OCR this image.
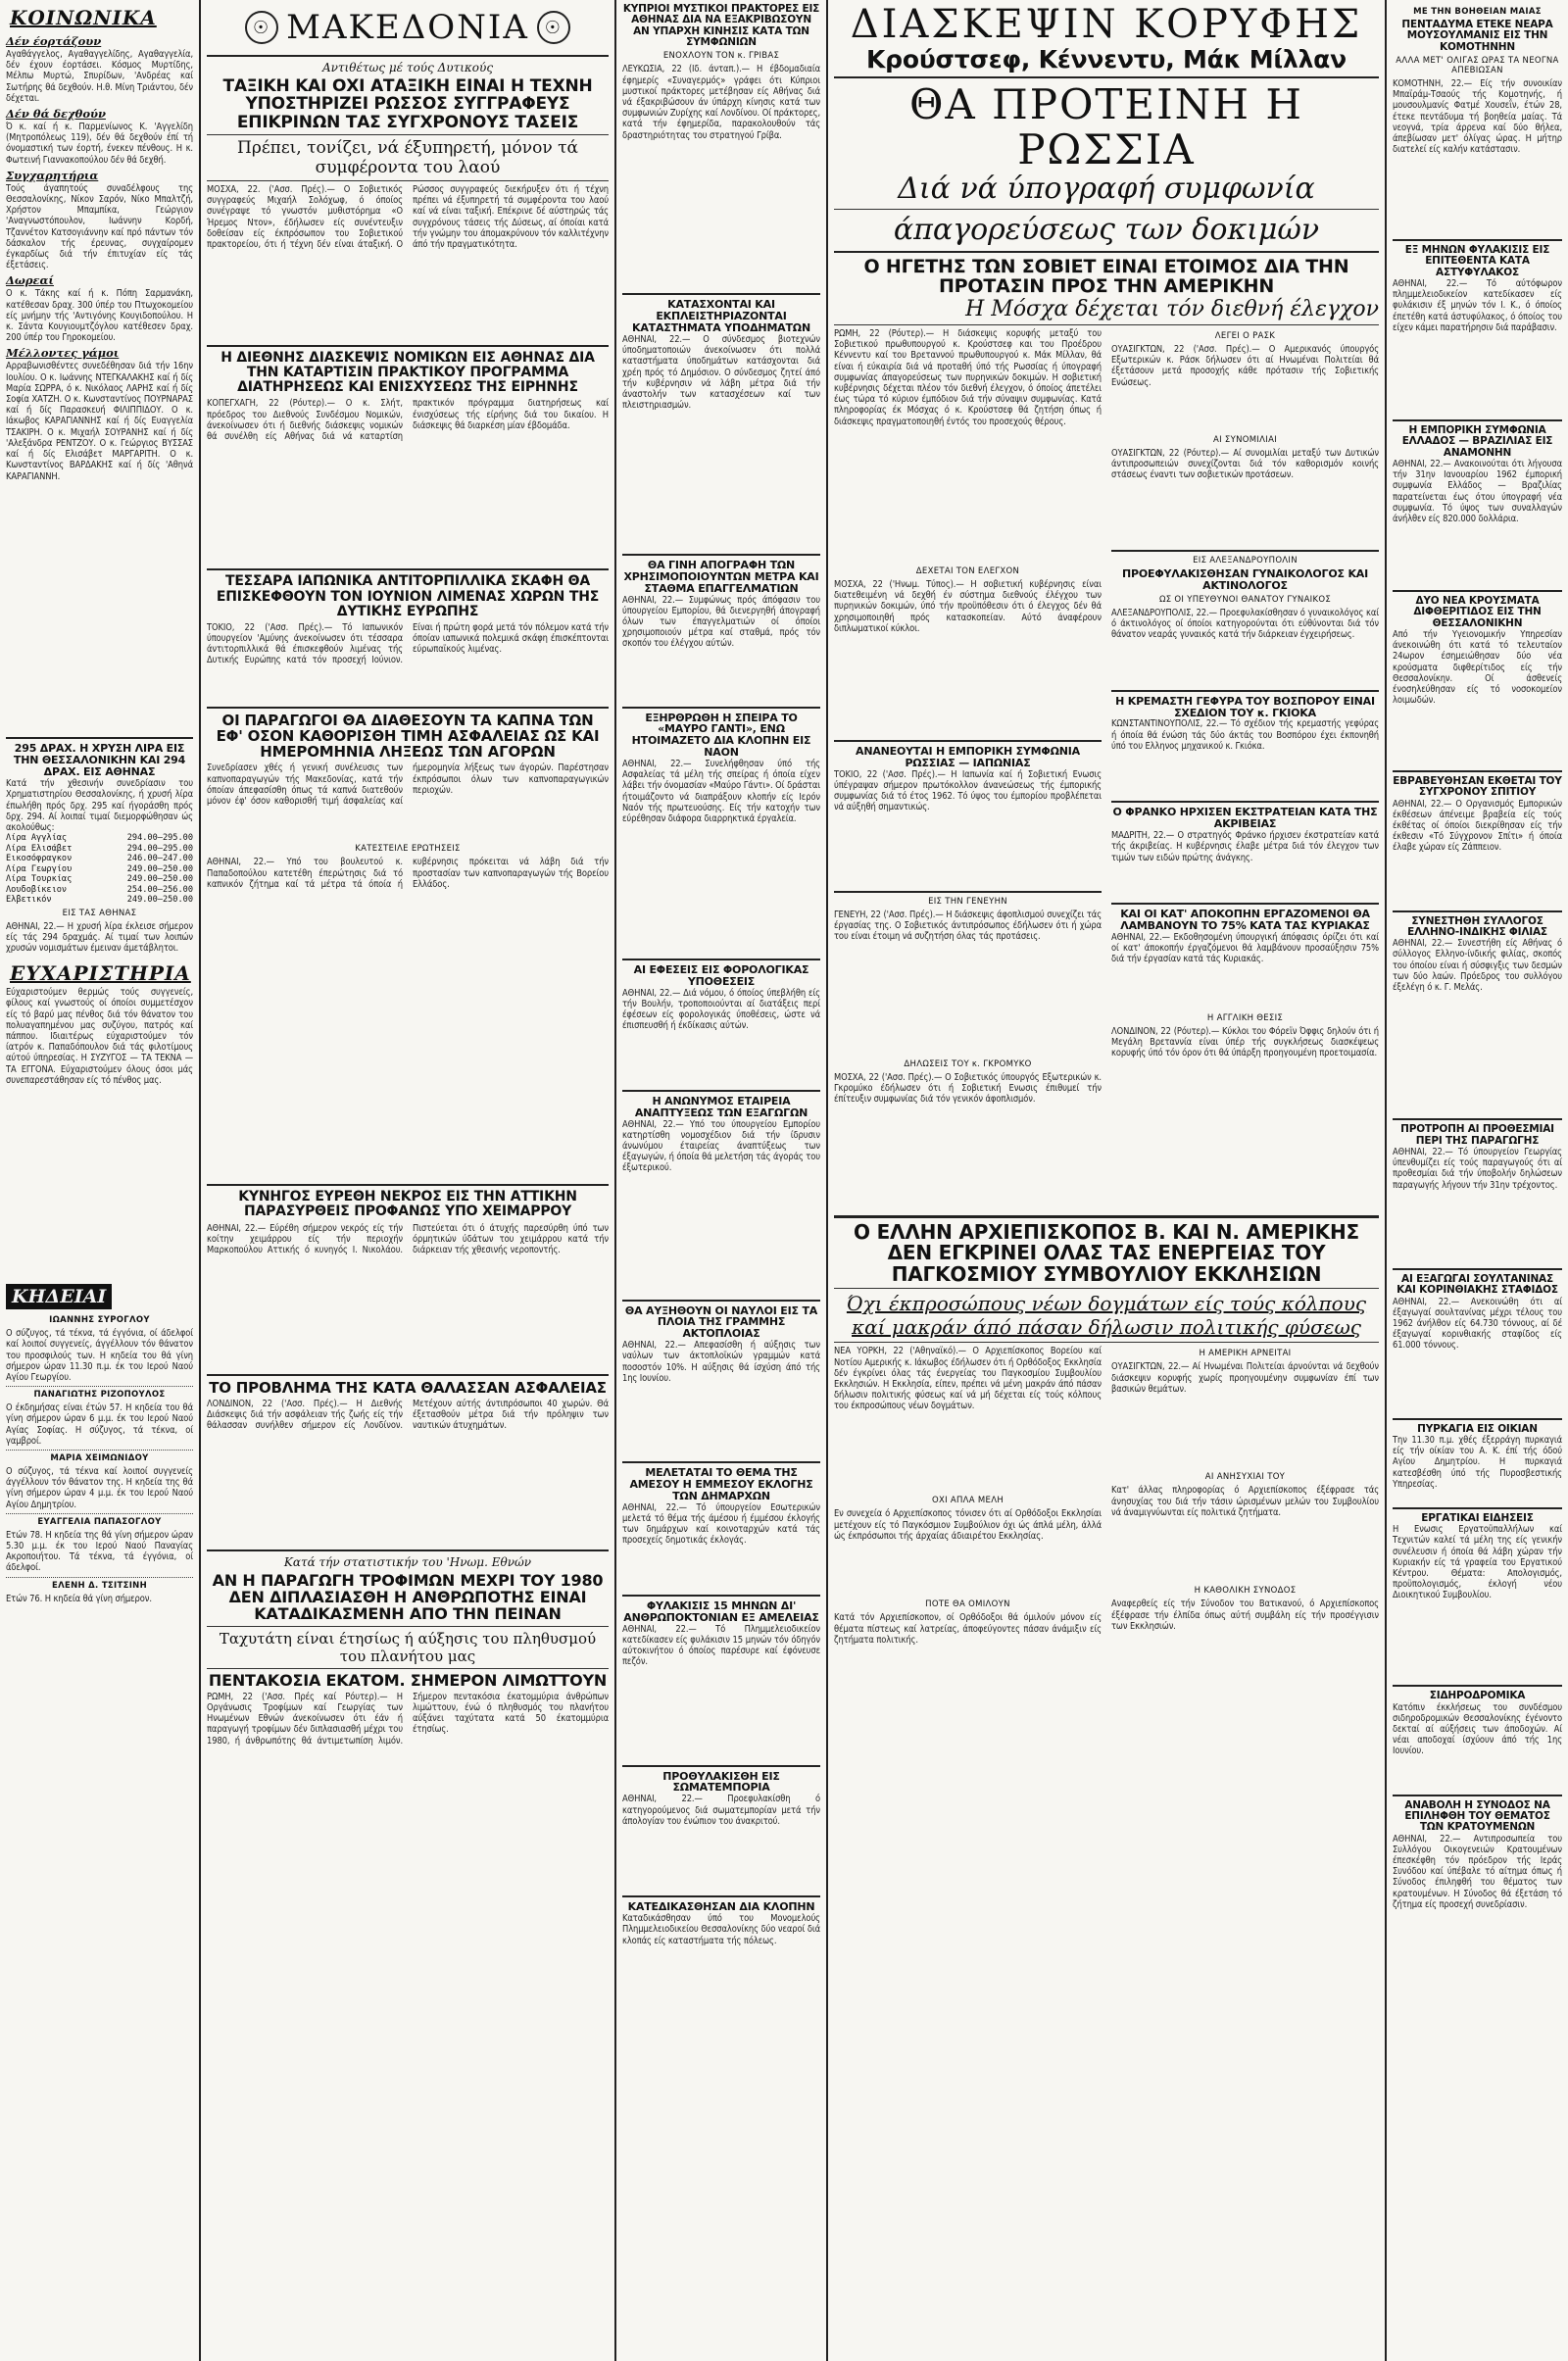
ΚΟΙΝΩΝΙΚΑ
Δέν έορτάζουν
Αγαθάγγελος, Αγαθαγγελίδης, Αγαθαγγελία, δέν έχουν έορτάσει. Κόσμος Μυρτίδης, Μέλπω Μυρτώ, Σπυρίδων, 'Ανδρέας καί Σωτήρης θά δεχθούν. Η.θ. Μίνη Τριάντου, δέν δέχεται.
Δέν θά δεχθούν
Ό κ. καί ή κ. Παρμενίωνος Κ. 'Αγγελίδη (Μητροπόλεως 119), δέν θά δεχθούν έπί τή όνομαστική των έορτή, ένεκεν πένθους. Η κ. Φωτεινή Γιαννακοπούλου δέν θά δεχθή.
Συγχαρητήρια
Τούς άγαπητούς συναδέλφους της Θεσσαλονίκης, Νίκον Σαρόν, Νίκο Μπαλτζή, Χρήστον Μπαμπίκα, Γεώργιον 'Αναγνωστόπουλον, Ιωάννην Κορδή, Τζαννέτον Κατσογιάννην καί πρό πάντων τόν δάσκαλον τής έρευνας, συγχαίρομεν έγκαρδίως διά τήν έπιτυχίαν είς τάς έξετάσεις.
Δωρεαί
Ο κ. Τάκης καί ή κ. Πόπη Σαρμανάκη, κατέθεσαν δραχ. 300 ύπέρ του Πτωχοκομείου είς μνήμην τής 'Αντιγόνης Κουγιδοπούλου. Η κ. Σάντα Κουγιουμτζόγλου κατέθεσεν δραχ. 200 ύπέρ του Γηροκομείου.
Μέλλοντες γάμοι
Αρραβωνισθέντες συνεδέθησαν διά τήν 16ην Ιουλίου. Ο κ. Ιωάννης ΝΤΕΓΚΑΛΑΚΗΣ καί ή δίς Μαρία ΣΩΡΡΑ, ό κ. Νικόλαος ΛΑΡΗΣ καί ή δίς Σοφία ΧΑΤΖΗ. Ο κ. Κωνσταντίνος ΠΟΥΡΝΑΡΑΣ καί ή δίς Παρασκευή ΦΙΛΙΠΠΙΔΟΥ. Ο κ. Ιάκωβος ΚΑΡΑΓΙΑΝΝΗΣ καί ή δίς Ευαγγελία ΤΣΑΚΙΡΗ. Ο κ. Μιχαήλ ΣΟΥΡΑΝΗΣ καί ή δίς 'Αλεξάνδρα ΡΕΝΤΖΟΥ. Ο κ. Γεώργιος ΒΥΣΣΑΣ καί ή δίς Ελισάβετ ΜΑΡΓΑΡΙΤΗ. Ο κ. Κωνσταντίνος ΒΑΡΔΑΚΗΣ καί ή δίς 'Αθηνά ΚΑΡΑΓΙΑΝΝΗ.
295 ΔΡΑΧ. Η ΧΡΥΣΗ ΛΙΡΑ ΕΙΣ ΤΗΝ ΘΕΣΣΑΛΟΝΙΚΗΝ ΚΑΙ 294 ΔΡΑΧ. ΕΙΣ ΑΘΗΝΑΣ
Κατά τήν χθεσινήν συνεδρίασιν του Χρηματιστηρίου Θεσσαλονίκης, ή χρυσή λίρα έπωλήθη πρός δρχ. 295 καί ήγοράσθη πρός δρχ. 294. Αί λοιπαί τιμαί διεμορφώθησαν ώς ακολούθως:
Λίρα Αγγλίας	294.00—295.00
Λίρα Ελισάβετ	294.00—295.00
Εικοσόφραγκον	246.00—247.00
Λίρα Γεωργίου	249.00—250.00
Λίρα Τουρκίας	249.00—250.00
Λουδοβίκειον	254.00—256.00
Ελβετικόν	249.00—250.00
ΕΙΣ ΤΑΣ ΑΘΗΝΑΣ
ΑΘΗΝΑΙ, 22.— Η χρυσή λίρα έκλεισε σήμερον είς τάς 294 δραχμάς. Αί τιμαί των λοιπών χρυσών νομισμάτων έμειναν άμετάβλητοι.
ΕΥΧΑΡΙΣΤΗΡΙΑ
Εύχαριστούμεν θερμώς τούς συγγενείς, φίλους καί γνωστούς οί όποίοι συμμετέσχον είς τό βαρύ μας πένθος διά τόν θάνατον του πολυαγαπημένου μας συζύγου, πατρός καί πάππου. Ιδιαιτέρως εύχαριστούμεν τόν ίατρόν κ. Παπαδόπουλον διά τάς φιλοτίμους αύτού ύπηρεσίας. Η ΣΥΖΥΓΟΣ — ΤΑ ΤΕΚΝΑ — ΤΑ ΕΓΓΟΝΑ. Εύχαριστούμεν όλους όσοι μάς συνεπαρεστάθησαν είς τό πένθος μας.
ΚΗΔΕΙΑΙ
ΙΩΑΝΝΗΣ ΣΥΡΟΓΛΟΥ
Ο σύζυγος, τά τέκνα, τά έγγόνια, οί άδελφοί καί λοιποί συγγενείς, άγγέλλουν τόν θάνατον του προσφιλούς των. Η κηδεία του θά γίνη σήμερον ώραν 11.30 π.μ. έκ του Ιερού Ναού Αγίου Γεωργίου.
ΠΑΝΑΓΙΩΤΗΣ ΡΙΖΟΠΟΥΛΟΣ
Ο έκδημήσας είναι έτών 57. Η κηδεία του θά γίνη σήμερον ώραν 6 μ.μ. έκ του Ιερού Ναού Αγίας Σοφίας. Η σύζυγος, τά τέκνα, οί γαμβροί.
ΜΑΡΙΑ ΧΕΙΜΩΝΙΔΟΥ
Ο σύζυγος, τά τέκνα καί λοιποί συγγενείς άγγέλλουν τόν θάνατον της. Η κηδεία της θά γίνη σήμερον ώραν 4 μ.μ. έκ του Ιερού Ναού Αγίου Δημητρίου.
ΕΥΑΓΓΕΛΙΑ ΠΑΠΑΣΟΓΛΟΥ
Ετών 78. Η κηδεία της θά γίνη σήμερον ώραν 5.30 μ.μ. έκ του Ιερού Ναού Παναγίας Ακροποιήτου. Τά τέκνα, τά έγγόνια, οί άδελφοί.
ΕΛΕΝΗ Δ. ΤΣΙΤΣΙΝΗ
Ετών 76. Η κηδεία θά γίνη σήμερον.
☉ ΜΑΚΕΔΟΝΙΑ ☉
Αντιθέτως μέ τούς Δυτικούς
ΤΑΞΙΚΗ ΚΑΙ ΟΧΙ ΑΤΑΞΙΚΗ ΕΙΝΑΙ Η ΤΕΧΝΗ ΥΠΟΣΤΗΡΙΖΕΙ ΡΩΣΣΟΣ ΣΥΓΓΡΑΦΕΥΣ ΕΠΙΚΡΙΝΩΝ ΤΑΣ ΣΥΓΧΡΟΝΟΥΣ ΤΑΣΕΙΣ
Πρέπει, τονίζει, νά έξυπηρετή, μόνον τά συμφέροντα του λαού
ΜΟΣΧΑ, 22. ('Ασσ. Πρές).— Ο Σοβιετικός συγγραφεύς Μιχαήλ Σολόχωφ, ό όποίος συνέγραψε τό γνωστόν μυθιστόρημα «Ο Ήρεμος Ντον», έδήλωσεν είς συνέντευξιν δοθείσαν είς έκπρόσωπον του Σοβιετικού πρακτορείου, ότι ή τέχνη δέν είναι άταξική. Ο Ρώσσος συγγραφεύς διεκήρυξεν ότι ή τέχνη πρέπει νά έξυπηρετή τά συμφέροντα του λαού καί νά είναι ταξική. Επέκρινε δέ αύστηρώς τάς συγχρόνους τάσεις τής Δύσεως, αί όποίαι κατά τήν γνώμην του άπομακρύνουν τόν καλλιτέχνην άπό τήν πραγματικότητα.
Η ΔΙΕΘΝΗΣ ΔΙΑΣΚΕΨΙΣ ΝΟΜΙΚΩΝ ΕΙΣ ΑΘΗΝΑΣ ΔΙΑ ΤΗΝ ΚΑΤΑΡΤΙΣΙΝ ΠΡΑΚΤΙΚΟΥ ΠΡΟΓΡΑΜΜΑ ΔΙΑΤΗΡΗΣΕΩΣ ΚΑΙ ΕΝΙΣΧΥΣΕΩΣ ΤΗΣ ΕΙΡΗΝΗΣ
ΚΟΠΕΓΧΑΓΗ, 22 (Ρόυτερ).— Ο κ. Σλήτ, πρόεδρος του Διεθνούς Συνδέσμου Νομικών, άνεκοίνωσεν ότι ή διεθνής διάσκεψις νομικών θά συνέλθη είς Αθήνας διά νά καταρτίση πρακτικόν πρόγραμμα διατηρήσεως καί ένισχύσεως τής είρήνης διά του δικαίου. Η διάσκεψις θά διαρκέση μίαν έβδομάδα.
ΤΕΣΣΑΡΑ ΙΑΠΩΝΙΚΑ ΑΝΤΙΤΟΡΠΙΛΛΙΚΑ ΣΚΑΦΗ ΘΑ ΕΠΙΣΚΕΦΘΟΥΝ ΤΟΝ ΙΟΥΝΙΟΝ ΛΙΜΕΝΑΣ ΧΩΡΩΝ ΤΗΣ ΔΥΤΙΚΗΣ ΕΥΡΩΠΗΣ
ΤΟΚΙΟ, 22 ('Ασσ. Πρές).— Τό Ιαπωνικόν ύπουργείον 'Αμύνης άνεκοίνωσεν ότι τέσσαρα άντιτορπιλλικά θά έπισκεφθούν λιμένας τής Δυτικής Ευρώπης κατά τόν προσεχή Ιούνιον. Είναι ή πρώτη φορά μετά τόν πόλεμον κατά τήν όποίαν ιαπωνικά πολεμικά σκάφη έπισκέπτονται εύρωπαϊκούς λιμένας.
ΟΙ ΠΑΡΑΓΩΓΟΙ ΘΑ ΔΙΑΘΕΣΟΥΝ ΤΑ ΚΑΠΝΑ ΤΩΝ ΕΦ' ΟΣΟΝ ΚΑΘΟΡΙΣΘΗ ΤΙΜΗ ΑΣΦΑΛΕΙΑΣ ΩΣ ΚΑΙ ΗΜΕΡΟΜΗΝΙΑ ΛΗΞΕΩΣ ΤΩΝ ΑΓΟΡΩΝ
Συνεδρίασεν χθές ή γενική συνέλευσις των καπνοπαραγωγών τής Μακεδονίας, κατά τήν όποίαν άπεφασίσθη όπως τά καπνά διατεθούν μόνον έφ' όσον καθορισθή τιμή άσφαλείας καί ήμερομηνία λήξεως των άγορών. Παρέστησαν έκπρόσωποι όλων των καπνοπαραγωγικών περιοχών.
ΚΑΤΕΣΤΕΙΛΕ ΕΡΩΤΗΣΕΙΣ
ΑΘΗΝΑΙ, 22.— Υπό του βουλευτού κ. Παπαδοπούλου κατετέθη έπερώτησις διά τό καπνικόν ζήτημα καί τά μέτρα τά όποία ή κυβέρνησις πρόκειται νά λάβη διά τήν προστασίαν των καπνοπαραγωγών τής Βορείου Ελλάδος.
ΚΥΝΗΓΟΣ ΕΥΡΕΘΗ ΝΕΚΡΟΣ ΕΙΣ ΤΗΝ ΑΤΤΙΚΗΝ ΠΑΡΑΣΥΡΘΕΙΣ ΠΡΟΦΑΝΩΣ ΥΠΟ ΧΕΙΜΑΡΡΟΥ
ΑΘΗΝΑΙ, 22.— Εύρέθη σήμερον νεκρός είς τήν κοίτην χειμάρρου είς τήν περιοχήν Μαρκοπούλου Αττικής ό κυνηγός Ι. Νικολάου. Πιστεύεται ότι ό άτυχής παρεσύρθη ύπό των όρμητικών ύδάτων του χειμάρρου κατά τήν διάρκειαν τής χθεσινής νεροποντής.
ΤΟ ΠΡΟΒΛΗΜΑ ΤΗΣ ΚΑΤΑ ΘΑΛΑΣΣΑΝ ΑΣΦΑΛΕΙΑΣ
ΛΟΝΔΙΝΟΝ, 22 ('Ασσ. Πρές).— Η Διεθνής Διάσκεψις διά τήν ασφάλειαν τής ζωής είς τήν θάλασσαν συνήλθεν σήμερον είς Λονδίνον. Μετέχουν αύτής άντιπρόσωποι 40 χωρών. Θά έξετασθούν μέτρα διά τήν πρόληψιν των ναυτικών άτυχημάτων.
Κατά τήν στατιστικήν του 'Ηνωμ. Εθνών
ΑΝ Η ΠΑΡΑΓΩΓΗ ΤΡΟΦΙΜΩΝ ΜΕΧΡΙ ΤΟΥ 1980 ΔΕΝ ΔΙΠΛΑΣΙΑΣΘΗ Η ΑΝΘΡΩΠΟΤΗΣ ΕΙΝΑΙ ΚΑΤΑΔΙΚΑΣΜΕΝΗ ΑΠΟ ΤΗΝ ΠΕΙΝΑΝ
Ταχυτάτη είναι έτησίως ή αύξησις του πληθυσμού του πλανήτου μας
ΠΕΝΤΑΚΟΣΙΑ ΕΚΑΤΟΜ. ΣΗΜΕΡΟΝ ΛΙΜΩΤΤΟΥΝ
ΡΩΜΗ, 22 ('Ασσ. Πρές καί Ρόυτερ).— Η Οργάνωσις Τροφίμων καί Γεωργίας των Ηνωμένων Εθνών άνεκοίνωσεν ότι έάν ή παραγωγή τροφίμων δέν διπλασιασθή μέχρι του 1980, ή άνθρωπότης θά άντιμετωπίση λιμόν. Σήμερον πεντακόσια έκατομμύρια άνθρώπων λιμώττουν, ένώ ό πληθυσμός του πλανήτου αύξάνει ταχύτατα κατά 50 έκατομμύρια έτησίως.
ΚΥΠΡΙΟΙ ΜΥΣΤΙΚΟΙ ΠΡΑΚΤΟΡΕΣ ΕΙΣ ΑΘΗΝΑΣ ΔΙΑ ΝΑ ΕΞΑΚΡΙΒΩΣΟΥΝ ΑΝ ΥΠΑΡΧΗ ΚΙΝΗΣΙΣ ΚΑΤΑ ΤΩΝ ΣΥΜΦΩΝΙΩΝ
ΕΝΟΧΛΟΥΝ ΤΟΝ κ. ΓΡΙΒΑΣ
ΛΕΥΚΩΣΙΑ, 22 (Ιδ. άνταπ.).— Η έβδομαδιαία έφημερίς «Συναγερμός» γράφει ότι Κύπριοι μυστικοί πράκτορες μετέβησαν είς Αθήνας διά νά έξακριβώσουν άν ύπάρχη κίνησις κατά των συμφωνιών Ζυρίχης καί Λονδίνου. Οί πράκτορες, κατά τήν έφημερίδα, παρακολουθούν τάς δραστηριότητας του στρατηγού Γρίβα.
ΚΑΤΑΣΧΟΝΤΑΙ ΚΑΙ ΕΚΠΛΕΙΣΤΗΡΙΑΖΟΝΤΑΙ ΚΑΤΑΣΤΗΜΑΤΑ ΥΠΟΔΗΜΑΤΩΝ
ΑΘΗΝΑΙ, 22.— Ο σύνδεσμος βιοτεχνών ύποδηματοποιών άνεκοίνωσεν ότι πολλά καταστήματα ύποδημάτων κατάσχονται διά χρέη πρός τό Δημόσιον. Ο σύνδεσμος ζητεί άπό τήν κυβέρνησιν νά λάβη μέτρα διά τήν άναστολήν των κατασχέσεων καί των πλειστηριασμών.
ΘΑ ΓΙΝΗ ΑΠΟΓΡΑΦΗ ΤΩΝ ΧΡΗΣΙΜΟΠΟΙΟΥΝΤΩΝ ΜΕΤΡΑ ΚΑΙ ΣΤΑΘΜΑ ΕΠΑΓΓΕΛΜΑΤΙΩΝ
ΑΘΗΝΑΙ, 22.— Συμφώνως πρός άπόφασιν του ύπουργείου Εμπορίου, θά διενεργηθή άπογραφή όλων των έπαγγελματιών οί όποίοι χρησιμοποιούν μέτρα καί σταθμά, πρός τόν σκοπόν του έλέγχου αύτών.
ΕΞΗΡΘΡΩΘΗ Η ΣΠΕΙΡΑ ΤΟ «ΜΑΥΡΟ ΓΑΝΤΙ», ΕΝΩ ΗΤΟΙΜΑΖΕΤΟ ΔΙΑ ΚΛΟΠΗΝ ΕΙΣ ΝΑΟΝ
ΑΘΗΝΑΙ, 22.— Συνελήφθησαν ύπό τής Ασφαλείας τά μέλη τής σπείρας ή όποία είχεν λάβει τήν όνομασίαν «Μαύρο Γάντι». Οί δράσται ήτοιμάζοντο νά διαπράξουν κλοπήν είς Ιερόν Ναόν τής πρωτευούσης. Είς τήν κατοχήν των εύρέθησαν διάφορα διαρρηκτικά έργαλεία.
ΑΙ ΕΦΕΣΕΙΣ ΕΙΣ ΦΟΡΟΛΟΓΙΚΑΣ ΥΠΟΘΕΣΕΙΣ
ΑΘΗΝΑΙ, 22.— Διά νόμου, ό όποίος ύπεβλήθη είς τήν Βουλήν, τροποποιούνται αί διατάξεις περί έφέσεων είς φορολογικάς ύποθέσεις, ώστε νά έπισπευσθή ή έκδίκασις αύτών.
Η ΑΝΩΝΥΜΟΣ ΕΤΑΙΡΕΙΑ ΑΝΑΠΤΥΞΕΩΣ ΤΩΝ ΕΞΑΓΩΓΩΝ
ΑΘΗΝΑΙ, 22.— Υπό του ύπουργείου Εμπορίου κατηρτίσθη νομοσχέδιον διά τήν ίδρυσιν άνωνύμου έταιρείας άναπτύξεως των έξαγωγών, ή όποία θά μελετήση τάς άγοράς του έξωτερικού.
ΘΑ ΑΥΞΗΘΟΥΝ ΟΙ ΝΑΥΛΟΙ ΕΙΣ ΤΑ ΠΛΟΙΑ ΤΗΣ ΓΡΑΜΜΗΣ ΑΚΤΟΠΛΟΙΑΣ
ΑΘΗΝΑΙ, 22.— Απεφασίσθη ή αύξησις των ναύλων των άκτοπλοϊκών γραμμών κατά ποσοστόν 10%. Η αύξησις θά ίσχύση άπό τής 1ης Ιουνίου.
ΜΕΛΕΤΑΤΑΙ ΤΟ ΘΕΜΑ ΤΗΣ ΑΜΕΣΟΥ Η ΕΜΜΕΣΟΥ ΕΚΛΟΓΗΣ ΤΩΝ ΔΗΜΑΡΧΩΝ
ΑΘΗΝΑΙ, 22.— Τό ύπουργείον Εσωτερικών μελετά τό θέμα τής άμέσου ή έμμέσου έκλογής των δημάρχων καί κοινοταρχών κατά τάς προσεχείς δημοτικάς έκλογάς.
ΦΥΛΑΚΙΣΙΣ 15 ΜΗΝΩΝ ΔΙ' ΑΝΘΡΩΠΟΚΤΟΝΙΑΝ ΕΞ ΑΜΕΛΕΙΑΣ
ΑΘΗΝΑΙ, 22.— Τό Πλημμελειοδικείον κατεδίκασεν είς φυλάκισιν 15 μηνών τόν όδηγόν αύτοκινήτου ό όποίος παρέσυρε καί έφόνευσε πεζόν.
ΠΡΟΘΥΛΑΚΙΣΘΗ ΕΙΣ ΣΩΜΑΤΕΜΠΟΡΙΑ
ΑΘΗΝΑΙ, 22.— Προεφυλακίσθη ό κατηγορούμενος διά σωματεμπορίαν μετά τήν άπολογίαν του ένώπιον του άνακριτού.
ΚΑΤΕΔΙΚΑΣΘΗΣΑΝ ΔΙΑ ΚΛΟΠΗΝ
Καταδικάσθησαν ύπό του Μονομελούς Πλημμελειοδικείου Θεσσαλονίκης δύο νεαροί διά κλοπάς είς καταστήματα τής πόλεως.
ΔΙΑΣΚΕΨΙΝ ΚΟΡΥΦΗΣ
Κρούστσεφ, Κέννεντυ, Μάκ Μίλλαν
ΘΑ ΠΡΟΤΕΙΝΗ Η ΡΩΣΣΙΑ
Διά νά ύπογραφή συμφωνία
άπαγορεύσεως των δοκιμών
Ο ΗΓΕΤΗΣ ΤΩΝ ΣΟΒΙΕΤ ΕΙΝΑΙ ΕΤΟΙΜΟΣ ΔΙΑ ΤΗΝ ΠΡΟΤΑΣΙΝ ΠΡΟΣ ΤΗΝ ΑΜΕΡΙΚΗΝ
Η Μόσχα δέχεται τόν διεθνή έλεγχον
ΡΩΜΗ, 22 (Ρόυτερ).— Η διάσκεψις κορυφής μεταξύ του Σοβιετικού πρωθυπουργού κ. Κρούστσεφ και του Προέδρου Κέννεντυ καί του Βρεταννού πρωθυπουργού κ. Μάκ Μίλλαν, θά είναι ή εύκαιρία διά νά προταθή ύπό τής Ρωσσίας ή ύπογραφή συμφωνίας άπαγορεύσεως των πυρηνικών δοκιμών. Η σοβιετική κυβέρνησις δέχεται πλέον τόν διεθνή έλεγχον, ό όποίος άπετέλει έως τώρα τό κύριον έμπόδιον διά τήν σύναψιν συμφωνίας. Κατά πληροφορίας έκ Μόσχας ό κ. Κρούστσεφ θά ζητήση όπως ή διάσκεψις πραγματοποιηθή έντός του προσεχούς θέρους.
ΔΕΧΕΤΑΙ ΤΟΝ ΕΛΕΓΧΟΝ
ΜΟΣΧΑ, 22 ('Ηνωμ. Τύπος).— Η σοβιετική κυβέρνησις είναι διατεθειμένη νά δεχθή έν σύστημα διεθνούς έλέγχου των πυρηνικών δοκιμών, ύπό τήν προϋπόθεσιν ότι ό έλεγχος δέν θά χρησιμοποιηθή πρός κατασκοπείαν. Αύτό άναφέρουν διπλωματικοί κύκλοι.
ΑΝΑΝΕΟΥΤΑΙ Η ΕΜΠΟΡΙΚΗ ΣΥΜΦΩΝΙΑ ΡΩΣΣΙΑΣ — ΙΑΠΩΝΙΑΣ
ΤΟΚΙΟ, 22 ('Ασσ. Πρές).— Η Ιαπωνία καί ή Σοβιετική Ενωσις ύπέγραψαν σήμερον πρωτόκολλον άνανεώσεως τής έμπορικής συμφωνίας διά τό έτος 1962. Τό ύψος του έμπορίου προβλέπεται νά αύξηθή σημαντικώς.
ΕΙΣ ΤΗΝ ΓΕΝΕΥΗΝ
ΓΕΝΕΥΗ, 22 ('Ασσ. Πρές).— Η διάσκεψις άφοπλισμού συνεχίζει τάς έργασίας της. Ο Σοβιετικός άντιπρόσωπος έδήλωσεν ότι ή χώρα του είναι έτοιμη νά συζητήση όλας τάς προτάσεις.
ΔΗΛΩΣΕΙΣ ΤΟΥ κ. ΓΚΡΟΜΥΚΟ
ΜΟΣΧΑ, 22 ('Ασσ. Πρές).— Ο Σοβιετικός ύπουργός Εξωτερικών κ. Γκρομύκο έδήλωσεν ότι ή Σοβιετική Ενωσις έπιθυμεί τήν έπίτευξιν συμφωνίας διά τόν γενικόν άφοπλισμόν.
ΛΕΓΕΙ Ο ΡΑΣΚ
ΟΥΑΣΙΓΚΤΩΝ, 22 ('Ασσ. Πρές).— Ο Αμερικανός ύπουργός Εξωτερικών κ. Ράσκ δήλωσεν ότι αί Ηνωμέναι Πολιτείαι θά έξετάσουν μετά προσοχής κάθε πρότασιν τής Σοβιετικής Ενώσεως.
ΑΙ ΣΥΝΟΜΙΛΙΑΙ
ΟΥΑΣΙΓΚΤΩΝ, 22 (Ρόυτερ).— Αί συνομιλίαι μεταξύ των Δυτικών άντιπροσωπειών συνεχίζονται διά τόν καθορισμόν κοινής στάσεως έναντι των σοβιετικών προτάσεων.
ΕΙΣ ΑΛΕΞΑΝΔΡΟΥΠΟΛΙΝ
ΠΡΟΕΦΥΛΑΚΙΣΘΗΣΑΝ ΓΥΝΑΙΚΟΛΟΓΟΣ ΚΑΙ ΑΚΤΙΝΟΛΟΓΟΣ
ΩΣ ΟΙ ΥΠΕΥΘΥΝΟΙ ΘΑΝΑΤΟΥ ΓΥΝΑΙΚΟΣ
ΑΛΕΞΑΝΔΡΟΥΠΟΛΙΣ, 22.— Προεφυλακίσθησαν ό γυναικολόγος καί ό άκτινολόγος οί όποίοι κατηγορούνται ότι εύθύνονται διά τόν θάνατον νεαράς γυναικός κατά τήν διάρκειαν έγχειρήσεως.
Η ΚΡΕΜΑΣΤΗ ΓΕΦΥΡΑ ΤΟΥ ΒΟΣΠΟΡΟΥ ΕΙΝΑΙ ΣΧΕΔΙΟΝ ΤΟΥ κ. ΓΚΙΟΚΑ
ΚΩΝΣΤΑΝΤΙΝΟΥΠΟΛΙΣ, 22.— Τό σχέδιον τής κρεμαστής γεφύρας ή όποία θά ένώση τάς δύο άκτάς του Βοσπόρου έχει έκπονηθή ύπό του Ελληνος μηχανικού κ. Γκιόκα.
Ο ΦΡΑΝΚΟ ΗΡΧΙΣΕΝ ΕΚΣΤΡΑΤΕΙΑΝ ΚΑΤΑ ΤΗΣ ΑΚΡΙΒΕΙΑΣ
ΜΑΔΡΙΤΗ, 22.— Ο στρατηγός Φράνκο ήρχισεν έκστρατείαν κατά τής άκριβείας. Η κυβέρνησις έλαβε μέτρα διά τόν έλεγχον των τιμών των ειδών πρώτης άνάγκης.
ΚΑΙ ΟΙ ΚΑΤ' ΑΠΟΚΟΠΗΝ ΕΡΓΑΖΟΜΕΝΟΙ ΘΑ ΛΑΜΒΑΝΟΥΝ ΤΟ 75% ΚΑΤΑ ΤΑΣ ΚΥΡΙΑΚΑΣ
ΑΘΗΝΑΙ, 22.— Εκδοθησομένη ύπουργική άπόφασις όρίζει ότι καί οί κατ' άποκοπήν έργαζόμενοι θά λαμβάνουν προσαύξησιν 75% διά τήν έργασίαν κατά τάς Κυριακάς.
Η ΑΓΓΛΙΚΗ ΘΕΣΙΣ
ΛΟΝΔΙΝΟΝ, 22 (Ρόυτερ).— Κύκλοι του Φόρεϊν Όφφις δηλούν ότι ή Μεγάλη Βρεταννία είναι ύπέρ τής συγκλήσεως διασκέψεως κορυφής ύπό τόν όρον ότι θά ύπάρξη προηγουμένη προετοιμασία.
Ο ΕΛΛΗΝ ΑΡΧΙΕΠΙΣΚΟΠΟΣ Β. ΚΑΙ Ν. ΑΜΕΡΙΚΗΣ ΔΕΝ ΕΓΚΡΙΝΕΙ ΟΛΑΣ ΤΑΣ ΕΝΕΡΓΕΙΑΣ ΤΟΥ ΠΑΓΚΟΣΜΙΟΥ ΣΥΜΒΟΥΛΙΟΥ ΕΚΚΛΗΣΙΩΝ
Όχι έκπροσώπους νέων δογμάτων είς τούς κόλπους καί μακράν άπό πάσαν δήλωσιν πολιτικής φύσεως
ΝΕΑ ΥΟΡΚΗ, 22 ('Αθηναϊκό).— Ο Αρχιεπίσκοπος Βορείου καί Νοτίου Αμερικής κ. Ιάκωβος έδήλωσεν ότι ή Ορθόδοξος Εκκλησία δέν έγκρίνει όλας τάς ένεργείας του Παγκοσμίου Συμβουλίου Εκκλησιών. Η Εκκλησία, είπεν, πρέπει νά μένη μακράν άπό πάσαν δήλωσιν πολιτικής φύσεως καί νά μή δέχεται είς τούς κόλπους του έκπροσώπους νέων δογμάτων.
ΟΧΙ ΑΠΛΑ ΜΕΛΗ
Εν συνεχεία ό Αρχιεπίσκοπος τόνισεν ότι αί Ορθόδοξοι Εκκλησίαι μετέχουν είς τό Παγκόσμιον Συμβούλιον όχι ώς άπλά μέλη, άλλά ώς έκπρόσωποι τής άρχαίας άδιαιρέτου Εκκλησίας.
ΠΟΤΕ ΘΑ ΟΜΙΛΟΥΝ
Κατά τόν Αρχιεπίσκοπον, οί Ορθόδοξοι θά όμιλούν μόνον είς θέματα πίστεως καί λατρείας, άποφεύγοντες πάσαν άνάμιξιν είς ζητήματα πολιτικής.
Η ΑΜΕΡΙΚΗ ΑΡΝΕΙΤΑΙ
ΟΥΑΣΙΓΚΤΩΝ, 22.— Αί Ηνωμέναι Πολιτείαι άρνούνται νά δεχθούν διάσκεψιν κορυφής χωρίς προηγουμένην συμφωνίαν έπί των βασικών θεμάτων.
ΑΙ ΑΝΗΣΥΧΙΑΙ ΤΟΥ
Κατ' άλλας πληροφορίας ό Αρχιεπίσκοπος έξέφρασε τάς άνησυχίας του διά τήν τάσιν ώρισμένων μελών του Συμβουλίου νά άναμιγνύωνται είς πολιτικά ζητήματα.
Η ΚΑΘΟΛΙΚΗ ΣΥΝΟΔΟΣ
Αναφερθείς είς τήν Σύνοδον του Βατικανού, ό Αρχιεπίσκοπος έξέφρασε τήν έλπίδα όπως αύτή συμβάλη είς τήν προσέγγισιν των Εκκλησιών.
ΜΕ ΤΗΝ ΒΟΗΘΕΙΑΝ ΜΑΙΑΣ
ΠΕΝΤΑΔΥΜΑ ΕΤΕΚΕ ΝΕΑΡΑ ΜΟΥΣΟΥΛΜΑΝΙΣ ΕΙΣ ΤΗΝ ΚΟΜΟΤΗΝΗΝ
ΑΛΛΑ ΜΕΤ' ΟΛΙΓΑΣ ΩΡΑΣ ΤΑ ΝΕΟΓΝΑ ΑΠΕΒΙΩΣΑΝ
ΚΟΜΟΤΗΝΗ, 22.— Είς τήν συνοικίαν Μπαϊράμ-Τσαούς τής Κομοτηνής, ή μουσουλμανίς Φατμέ Χουσεΐν, έτών 28, έτεκε πεντάδυμα τή βοηθεία μαίας. Τά νεογνά, τρία άρρενα καί δύο θήλεα, άπεβίωσαν μετ' όλίγας ώρας. Η μήτηρ διατελεί είς καλήν κατάστασιν.
ΕΞ ΜΗΝΩΝ ΦΥΛΑΚΙΣΙΣ ΕΙΣ ΕΠΙΤΕΘΕΝΤΑ ΚΑΤΑ ΑΣΤΥΦΥΛΑΚΟΣ
ΑΘΗΝΑΙ, 22.— Τό αύτόφωρον πλημμελειοδικείον κατεδίκασεν είς φυλάκισιν έξ μηνών τόν Ι. Κ., ό όποίος έπετέθη κατά άστυφύλακος, ό όποίος του είχεν κάμει παρατήρησιν διά παράβασιν.
Η ΕΜΠΟΡΙΚΗ ΣΥΜΦΩΝΙΑ ΕΛΛΑΔΟΣ — ΒΡΑΖΙΛΙΑΣ ΕΙΣ ΑΝΑΜΟΝΗΝ
ΑΘΗΝΑΙ, 22.— Ανακοινούται ότι λήγουσα τήν 31ην Ιανουαρίου 1962 έμπορική συμφωνία Ελλάδος — Βραζιλίας παρατείνεται έως ότου ύπογραφή νέα συμφωνία. Τό ύψος των συναλλαγών άνήλθεν είς 820.000 δολλάρια.
ΔΥΟ ΝΕΑ ΚΡΟΥΣΜΑΤΑ ΔΙΦΘΕΡΙΤΙΔΟΣ ΕΙΣ ΤΗΝ ΘΕΣΣΑΛΟΝΙΚΗΝ
Από τήν Υγειονομικήν Υπηρεσίαν άνεκοινώθη ότι κατά τό τελευταίον 24ωρον έσημειώθησαν δύο νέα κρούσματα διφθερίτιδος είς τήν Θεσσαλονίκην. Οί άσθενείς ένοσηλεύθησαν είς τό νοσοκομείον λοιμωδών.
ΕΒΡΑΒΕΥΘΗΣΑΝ ΕΚΘΕΤΑΙ ΤΟΥ ΣΥΓΧΡΟΝΟΥ ΣΠΙΤΙΟΥ
ΑΘΗΝΑΙ, 22.— Ο Οργανισμός Εμπορικών έκθέσεων άπένειμε βραβεία είς τούς έκθέτας οί όποίοι διεκρίθησαν είς τήν έκθεσιν «Τό Σύγχρονον Σπίτι» ή όποία έλαβε χώραν είς Ζάππειον.
ΣΥΝΕΣΤΗΘΗ ΣΥΛΛΟΓΟΣ ΕΛΛΗΝΟ-ΙΝΔΙΚΗΣ ΦΙΛΙΑΣ
ΑΘΗΝΑΙ, 22.— Συνεστήθη είς Αθήνας ό σύλλογος Ελληνο-ίνδικής φιλίας, σκοπός του όποίου είναι ή σύσφιγξις των δεσμών των δύο λαών. Πρόεδρος του συλλόγου έξελέγη ό κ. Γ. Μελάς.
ΠΡΟΤΡΟΠΗ ΑΙ ΠΡΟΘΕΣΜΙΑΙ ΠΕΡΙ ΤΗΣ ΠΑΡΑΓΩΓΗΣ
ΑΘΗΝΑΙ, 22.— Τό ύπουργείον Γεωργίας ύπενθυμίζει είς τούς παραγωγούς ότι αί προθεσμίαι διά τήν ύποβολήν δηλώσεων παραγωγής λήγουν τήν 31ην τρέχοντος.
ΑΙ ΕΞΑΓΩΓΑΙ ΣΟΥΛΤΑΝΙΝΑΣ ΚΑΙ ΚΟΡΙΝΘΙΑΚΗΣ ΣΤΑΦΙΔΟΣ
ΑΘΗΝΑΙ, 22.— Ανεκοινώθη ότι αί έξαγωγαί σουλτανίνας μέχρι τέλους του 1962 άνήλθον είς 64.730 τόννους, αί δέ έξαγωγαί κορινθιακής σταφίδος είς 61.000 τόννους.
ΠΥΡΚΑΓΙΑ ΕΙΣ ΟΙΚΙΑΝ
Την 11.30 π.μ. χθές έξερράγη πυρκαγιά είς τήν οίκίαν του Α. Κ. έπί τής όδού Αγίου Δημητρίου. Η πυρκαγιά κατεσβέσθη ύπό τής Πυροσβεστικής Υπηρεσίας.
ΕΡΓΑΤΙΚΑΙ ΕΙΔΗΣΕΙΣ
Η Ενωσις Εργατοϋπαλλήλων καί Τεχνιτών καλεί τά μέλη της είς γενικήν συνέλευσιν ή όποία θά λάβη χώραν τήν Κυριακήν είς τά γραφεία του Εργατικού Κέντρου. Θέματα: Απολογισμός, προϋπολογισμός, έκλογή νέου Διοικητικού Συμβουλίου.
ΣΙΔΗΡΟΔΡΟΜΙΚΑ
Κατόπιν έκκλήσεως του συνδέσμου σιδηροδρομικών Θεσσαλονίκης έγένοντο δεκταί αί αύξήσεις των άποδοχών. Αί νέαι αποδοχαί ίσχύουν άπό τής 1ης Ιουνίου.
ΑΝΑΒΟΛΗ Η ΣΥΝΟΔΟΣ ΝΑ ΕΠΙΛΗΦΘΗ ΤΟΥ ΘΕΜΑΤΟΣ ΤΩΝ ΚΡΑΤΟΥΜΕΝΩΝ
ΑΘΗΝΑΙ, 22.— Αντιπροσωπεία του Συλλόγου Οικογενειών Κρατουμένων έπεσκέφθη τόν πρόεδρον τής Ιεράς Συνόδου καί ύπέβαλε τό αίτημα όπως ή Σύνοδος έπιληφθή του θέματος των κρατουμένων. Η Σύνοδος θά έξετάση τό ζήτημα είς προσεχή συνεδρίασιν.
